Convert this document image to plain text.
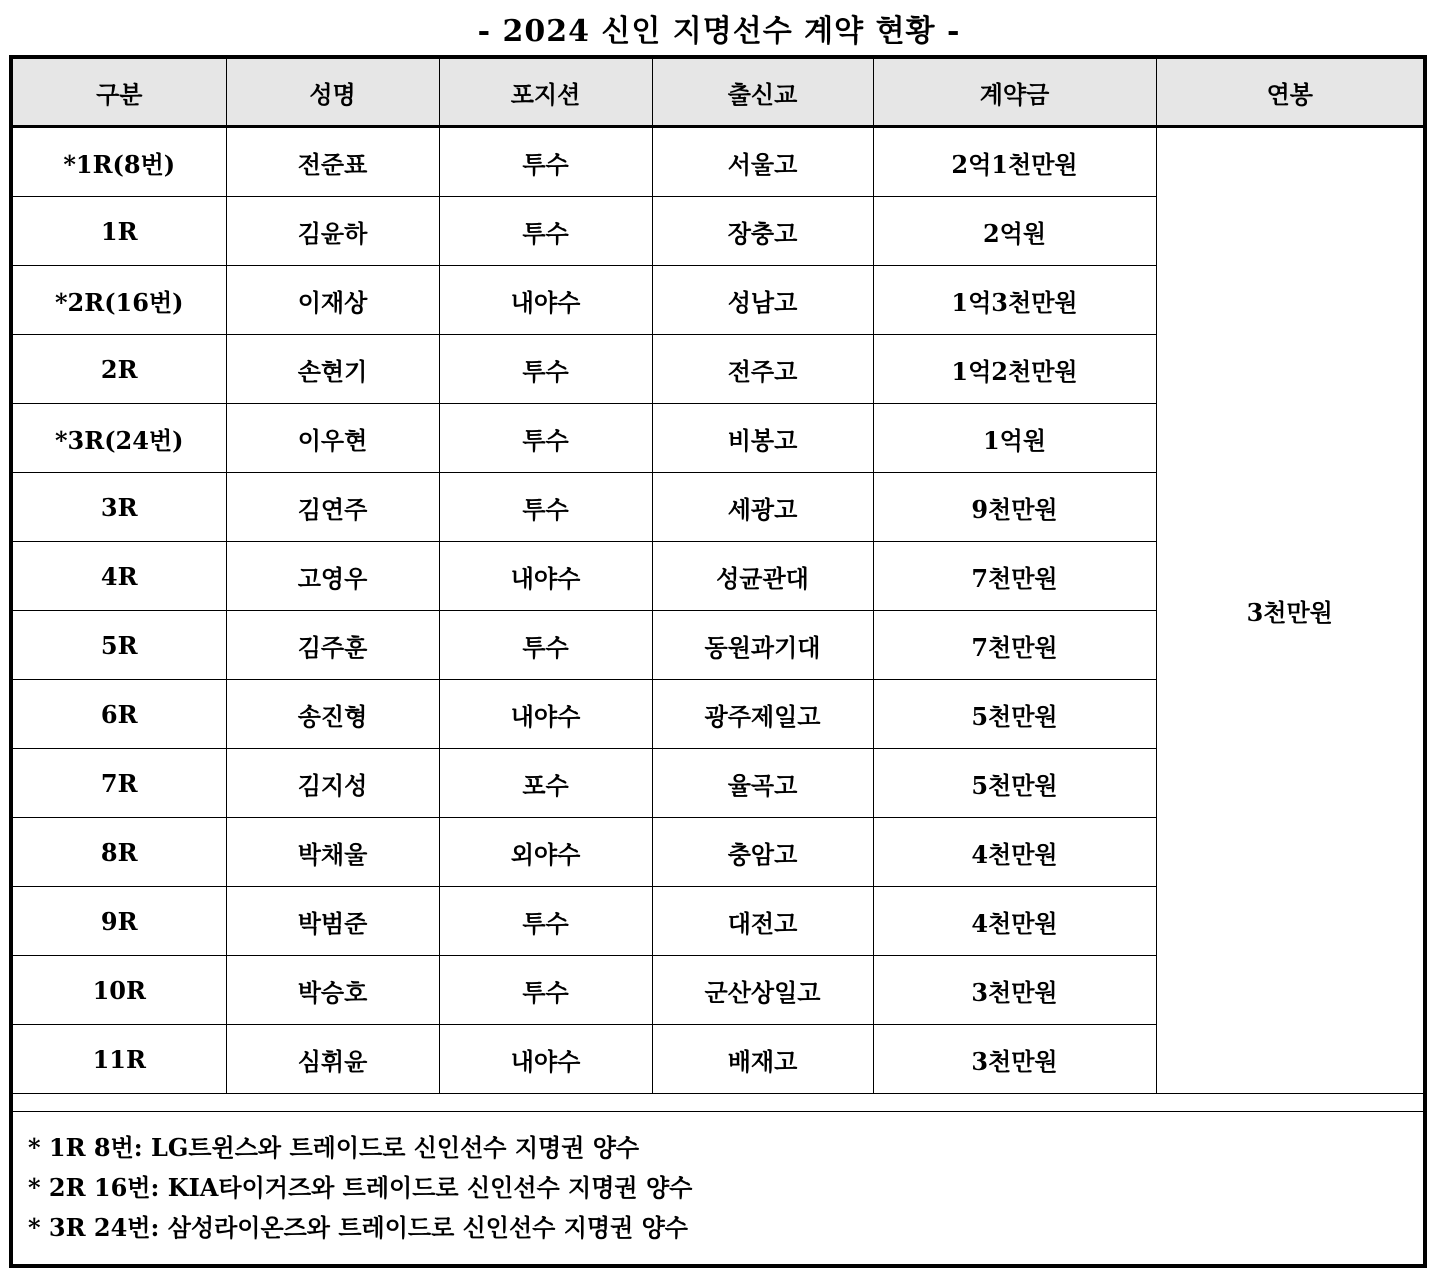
- 2024 신인 지명선수 계약 현황 -
구분	성명	포지션	출신교	계약금	연봉
*1R(8번)	전준표	투수	서울고	2억1천만원	3천만원
1R	김윤하	투수	장충고	2억원	
*2R(16번)	이재상	내야수	성남고	1억3천만원	
2R	손현기	투수	전주고	1억2천만원	
*3R(24번)	이우현	투수	비봉고	1억원	
3R	김연주	투수	세광고	9천만원	
4R	고영우	내야수	성균관대	7천만원	
5R	김주훈	투수	동원과기대	7천만원	
6R	송진형	내야수	광주제일고	5천만원	
7R	김지성	포수	율곡고	5천만원	
8R	박채울	외야수	충암고	4천만원	
9R	박범준	투수	대전고	4천만원	
10R	박승호	투수	군산상일고	3천만원	
11R	심휘윤	내야수	배재고	3천만원	
* 1R 8번: LG트윈스와 트레이드로 신인선수 지명권 양수
* 2R 16번: KIA타이거즈와 트레이드로 신인선수 지명권 양수
* 3R 24번: 삼성라이온즈와 트레이드로 신인선수 지명권 양수
